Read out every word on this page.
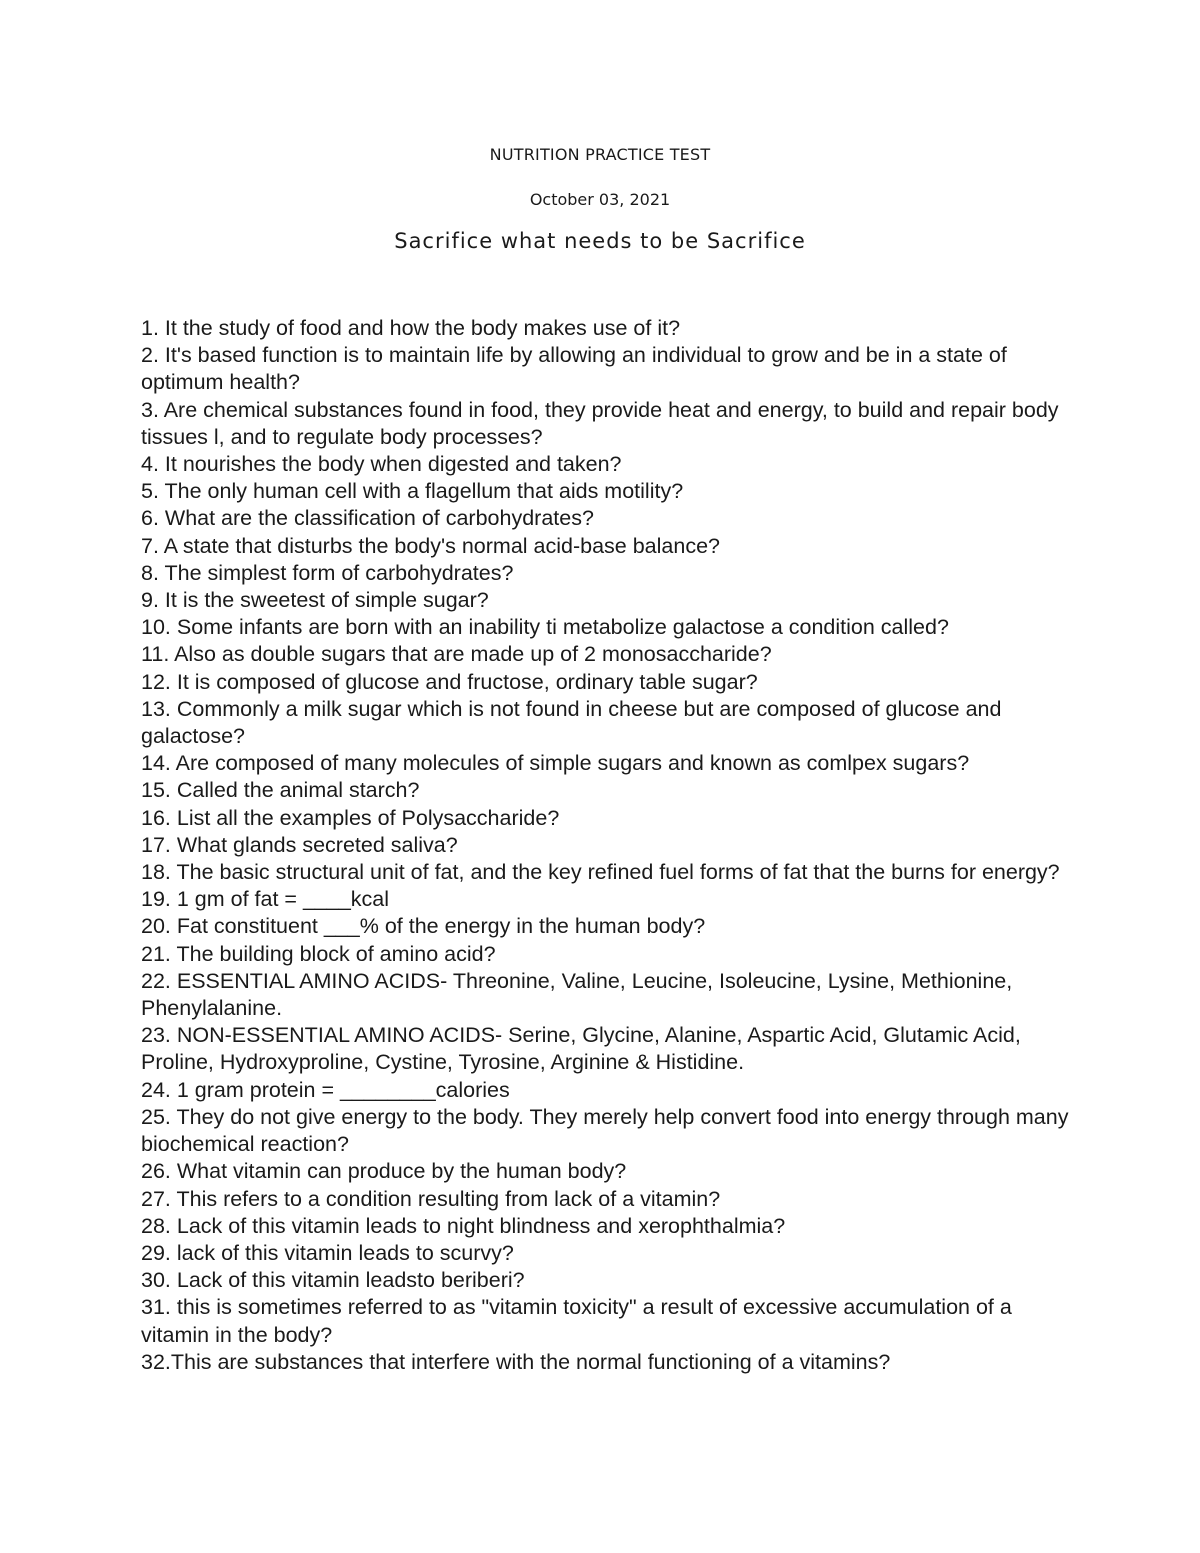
NUTRITION PRACTICE TEST

October 03, 2021

Sacrifice what needs to be Sacrifice

1. It the study of food and how the body makes use of it?
2. It's based function is to maintain life by allowing an individual to grow and be in a state of optimum health?
3. Are chemical substances found in food, they provide heat and energy, to build and repair body tissues l, and to regulate body processes?
4. It nourishes the body when digested and taken?
5. The only human cell with a flagellum that aids motility?
6. What are the classification of carbohydrates?
7. A state that disturbs the body's normal acid-base balance?
8. The simplest form of carbohydrates?
9. It is the sweetest of simple sugar?
10. Some infants are born with an inability ti metabolize galactose a condition called?
11. Also as double sugars that are made up of 2 monosaccharide?
12. It is composed of glucose and fructose, ordinary table sugar?
13. Commonly a milk sugar which is not found in cheese but are composed of glucose and galactose?
14. Are composed of many molecules of simple sugars and known as comlpex sugars?
15. Called the animal starch?
16. List all the examples of Polysaccharide?
17. What glands secreted saliva?
18. The basic structural unit of fat, and the key refined fuel forms of fat that the burns for energy?
19. 1 gm of fat = ____kcal
20. Fat constituent ___% of the energy in the human body?
21. The building block of amino acid?
22. ESSENTIAL AMINO ACIDS- Threonine, Valine, Leucine, Isoleucine, Lysine, Methionine, Phenylalanine.
23. NON-ESSENTIAL AMINO ACIDS- Serine, Glycine, Alanine, Aspartic Acid, Glutamic Acid, Proline, Hydroxyproline, Cystine, Tyrosine, Arginine & Histidine.
24. 1 gram protein = ________calories
25. They do not give energy to the body. They merely help convert food into energy through many biochemical reaction?
26. What vitamin can produce by the human body?
27. This refers to a condition resulting from lack of a vitamin?
28. Lack of this vitamin leads to night blindness and xerophthalmia?
29. lack of this vitamin leads to scurvy?
30. Lack of this vitamin leadsto beriberi?
31. this is sometimes referred to as "vitamin toxicity" a result of excessive accumulation of a vitamin in the body?
32.This are substances that interfere with the normal functioning of a vitamins?
